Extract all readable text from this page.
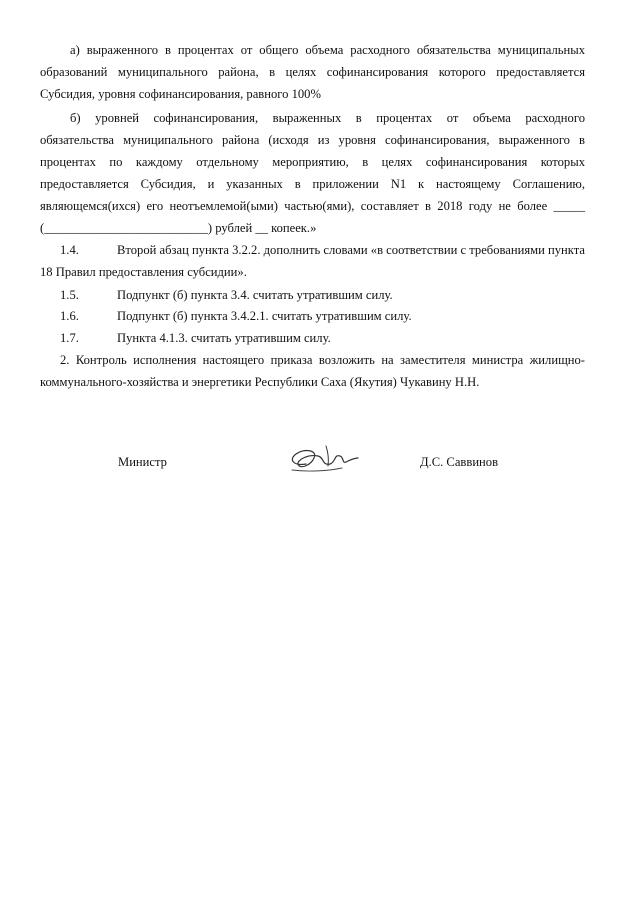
а) выраженного в процентах от общего объема расходного обязательства муниципальных
образований муниципального района, в целях софинансирования которого предоставляется
Субсидия, уровня софинансирования, равного 100%
б) уровней софинансирования, выраженных в процентах от объема расходного
обязательства муниципального района (исходя из уровня софинансирования, выраженного в
процентах по каждому отдельному мероприятию, в целях софинансирования которых
предоставляется Субсидия, и указанных в приложении N1 к настоящему Соглашению,
являющемся(ихся) его неотъемлемой(ыми) частью(ями), составляет в 2018 году не более _____
(__________________________) рублей __ копеек.»
1.4.	Второй абзац пункта 3.2.2. дополнить словами «в соответствии с требованиями пункта
18 Правил предоставления субсидии».
1.5.	Подпункт (б) пункта 3.4. считать утратившим силу.
1.6.	Подпункт (б) пункта 3.4.2.1. считать утратившим силу.
1.7.	Пункта 4.1.3. считать утратившим силу.
2. Контроль исполнения настоящего приказа возложить на заместителя министра жилищно-
коммунального-хозяйства и энергетики Республики Саха (Якутия) Чукавину Н.Н.
Министр	Д.С. Саввинов
